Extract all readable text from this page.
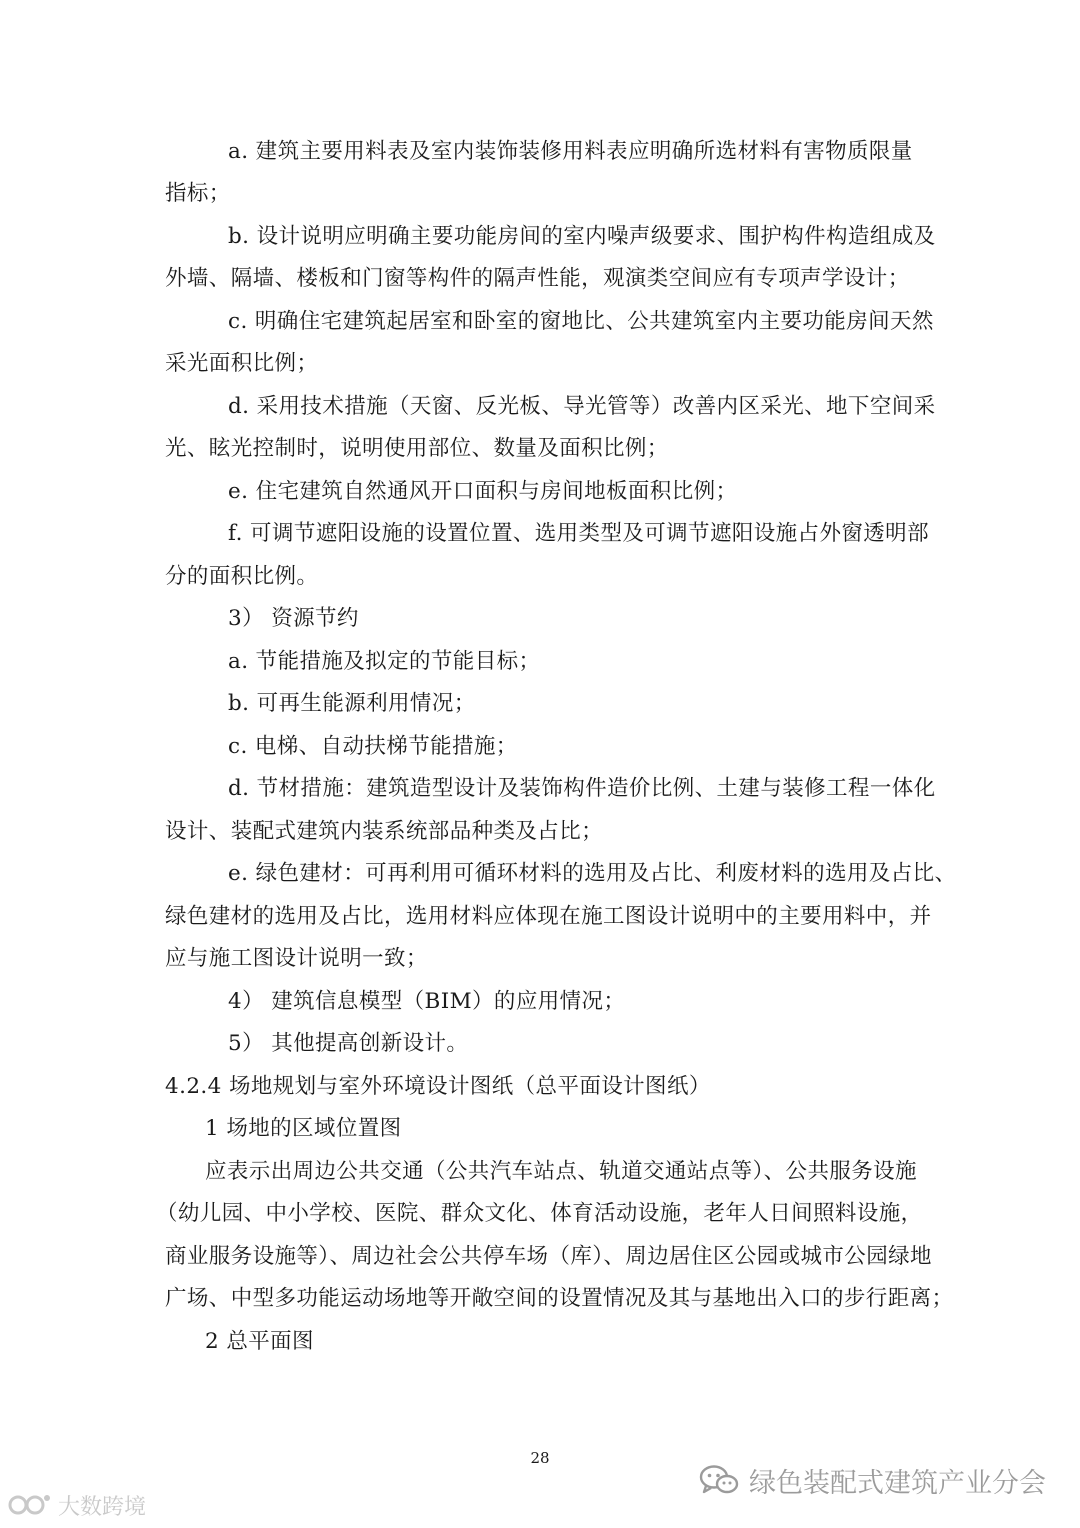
a. 建筑主要用料表及室内装饰装修用料表应明确所选材料有害物质限量
指标；
b. 设计说明应明确主要功能房间的室内噪声级要求、围护构件构造组成及
外墙、隔墙、楼板和门窗等构件的隔声性能，观演类空间应有专项声学设计；
c. 明确住宅建筑起居室和卧室的窗地比、公共建筑室内主要功能房间天然
采光面积比例；
d. 采用技术措施（天窗、反光板、导光管等）改善内区采光、地下空间采
光、眩光控制时，说明使用部位、数量及面积比例；
e. 住宅建筑自然通风开口面积与房间地板面积比例；
f. 可调节遮阳设施的设置位置、选用类型及可调节遮阳设施占外窗透明部
分的面积比例。
3） 资源节约
a. 节能措施及拟定的节能目标；
b. 可再生能源利用情况；
c. 电梯、自动扶梯节能措施；
d. 节材措施：建筑造型设计及装饰构件造价比例、土建与装修工程一体化
设计、装配式建筑内装系统部品种类及占比；
e. 绿色建材：可再利用可循环材料的选用及占比、利废材料的选用及占比、
绿色建材的选用及占比，选用材料应体现在施工图设计说明中的主要用料中，并
应与施工图设计说明一致；
4） 建筑信息模型（BIM）的应用情况；
5） 其他提高创新设计。
4.2.4 场地规划与室外环境设计图纸（总平面设计图纸）
1 场地的区域位置图
应表示出周边公共交通（公共汽车站点、轨道交通站点等）、公共服务设施
（幼儿园、中小学校、医院、群众文化、体育活动设施，老年人日间照料设施，
商业服务设施等）、周边社会公共停车场（库）、周边居住区公园或城市公园绿地
广场、中型多功能运动场地等开敞空间的设置情况及其与基地出入口的步行距离；
2 总平面图
28
绿色装配式建筑产业分会
大数跨境
